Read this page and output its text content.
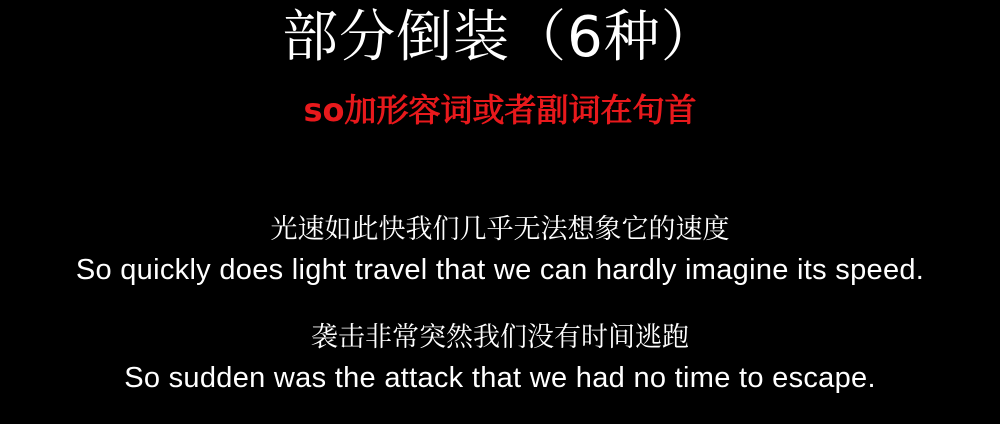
部分倒装（6种）
so加形容词或者副词在句首
光速如此快我们几乎无法想象它的速度
So quickly does light travel that we can hardly imagine its speed.
袭击非常突然我们没有时间逃跑
So sudden was the attack that we had no time to escape.
